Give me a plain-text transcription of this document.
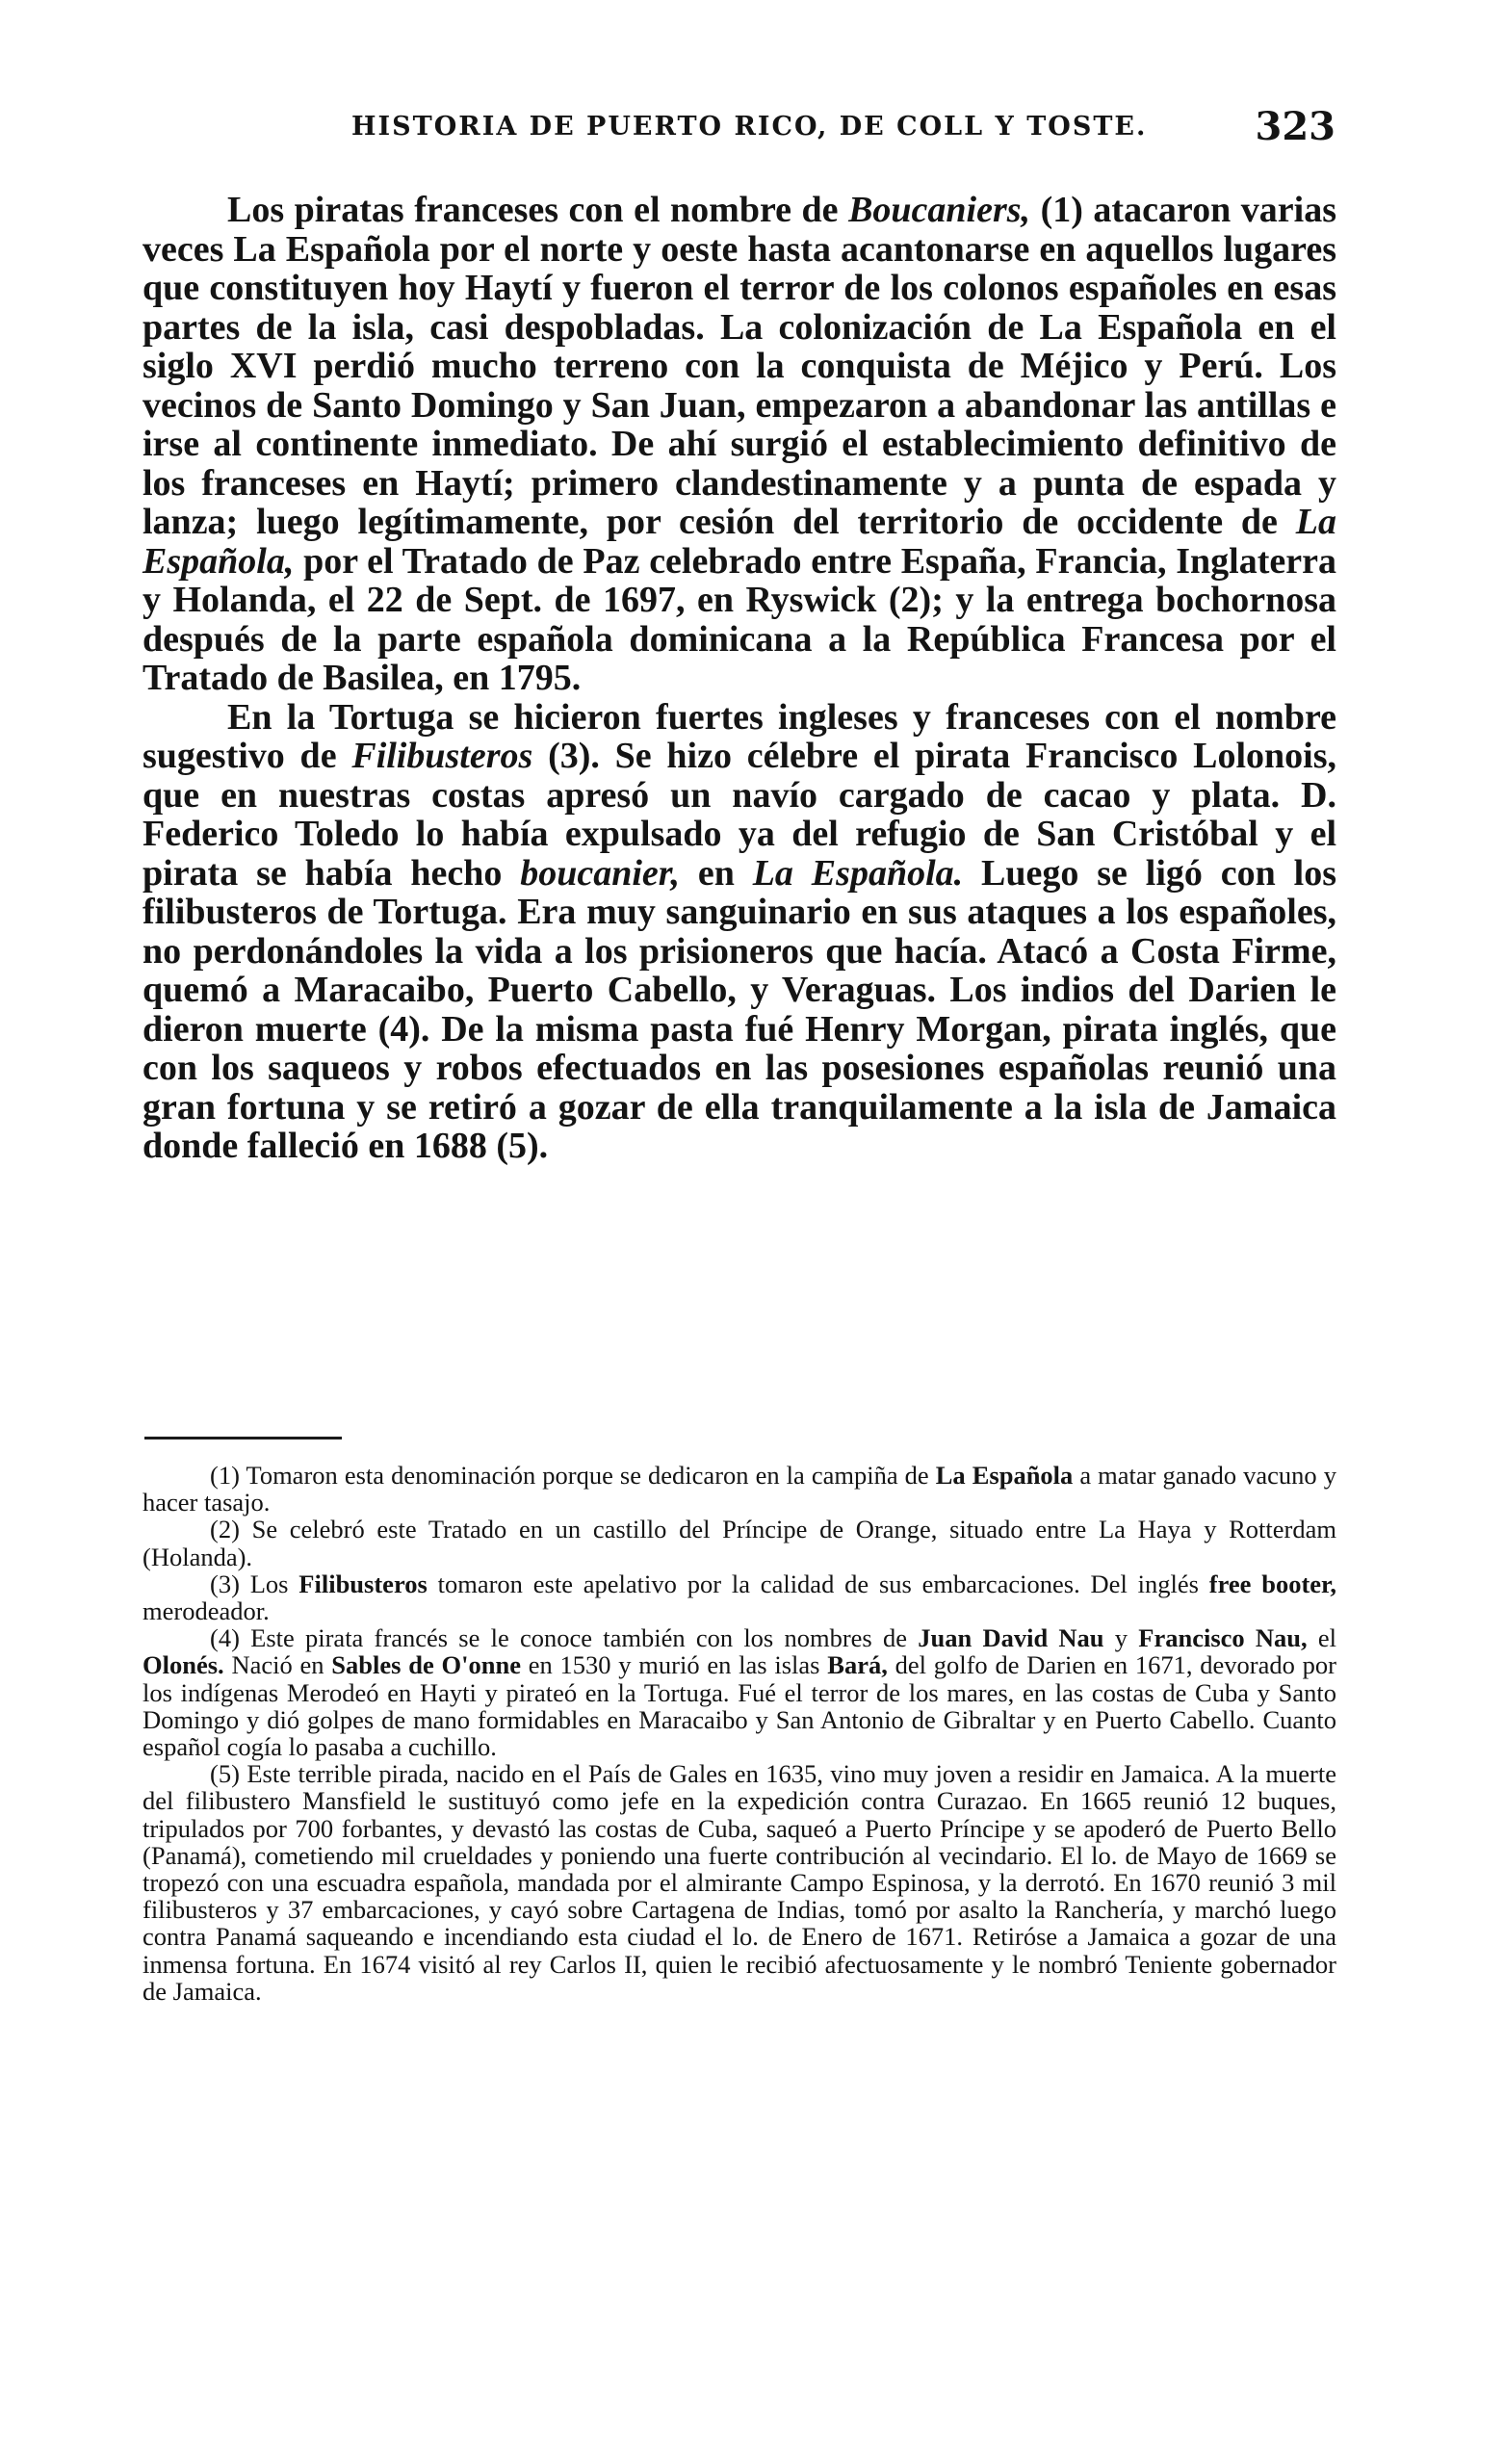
HISTORIA DE PUERTO RICO, DE COLL Y TOSTE.	323

Los piratas franceses con el nombre de Boucaniers, (1) atacaron varias veces La Española por el norte y oeste hasta acantonarse en aquellos lugares que constituyen hoy Haytí y fueron el terror de los colonos españoles en esas partes de la isla, casi despobladas. La colonización de La Española en el siglo XVI perdió mucho terreno con la conquista de Méjico y Perú. Los vecinos de Santo Domingo y San Juan, empezaron a abandonar las antillas e irse al continente inmediato. De ahí surgió el establecimiento definitivo de los franceses en Haytí; primero clandestinamente y a punta de espada y lanza; luego legítimamente, por cesión del territorio de occidente de La Española, por el Tratado de Paz celebrado entre España, Francia, Inglaterra y Holanda, el 22 de Sept. de 1697, en Ryswick (2); y la entrega bochornosa después de la parte española dominicana a la República Francesa por el Tratado de Basilea, en 1795.

En la Tortuga se hicieron fuertes ingleses y franceses con el nombre sugestivo de Filibusteros (3). Se hizo célebre el pirata Francisco Lolonois, que en nuestras costas apresó un navío cargado de cacao y plata. D. Federico Toledo lo había expulsado ya del refugio de San Cristóbal y el pirata se había hecho boucanier, en La Española. Luego se ligó con los filibusteros de Tortuga. Era muy sanguinario en sus ataques a los españoles, no perdonándoles la vida a los prisioneros que hacía. Atacó a Costa Firme, quemó a Maracaibo, Puerto Cabello, y Veraguas. Los indios del Darien le dieron muerte (4). De la misma pasta fué Henry Morgan, pirata inglés, que con los saqueos y robos efectuados en las posesiones españolas reunió una gran fortuna y se retiró a gozar de ella tranquilamente a la isla de Jamaica donde falleció en 1688 (5).

(1) Tomaron esta denominación porque se dedicaron en la campiña de La Española a matar ganado vacuno y hacer tasajo.

(2) Se celebró este Tratado en un castillo del Príncipe de Orange, situado entre La Haya y Rotterdam (Holanda).

(3) Los Filibusteros tomaron este apelativo por la calidad de sus embarcaciones. Del inglés free booter, merodeador.

(4) Este pirata francés se le conoce también con los nombres de Juan David Nau y Francisco Nau, el Olonés. Nació en Sables de O'onne en 1530 y murió en las islas Bará, del golfo de Darien en 1671, devorado por los indígenas Merodeó en Hayti y pirateó en la Tortuga. Fué el terror de los mares, en las costas de Cuba y Santo Domingo y dió golpes de mano formidables en Maracaibo y San Antonio de Gibraltar y en Puerto Cabello. Cuanto español cogía lo pasaba a cuchillo.

(5) Este terrible pirada, nacido en el País de Gales en 1635, vino muy joven a residir en Jamaica. A la muerte del filibustero Mansfield le sustituyó como jefe en la expedición contra Curazao. En 1665 reunió 12 buques, tripulados por 700 forbantes, y devastó las costas de Cuba, saqueó a Puerto Príncipe y se apoderó de Puerto Bello (Panamá), cometiendo mil crueldades y poniendo una fuerte contribución al vecindario. El lo. de Mayo de 1669 se tropezó con una escuadra española, mandada por el almirante Campo Espinosa, y la derrotó. En 1670 reunió 3 mil filibusteros y 37 embarcaciones, y cayó sobre Cartagena de Indias, tomó por asalto la Ranchería, y marchó luego contra Panamá saqueando e incendiando esta ciudad el lo. de Enero de 1671. Retiróse a Jamaica a gozar de una inmensa fortuna. En 1674 visitó al rey Carlos II, quien le recibió afectuosamente y le nombró Teniente gobernador de Jamaica.
